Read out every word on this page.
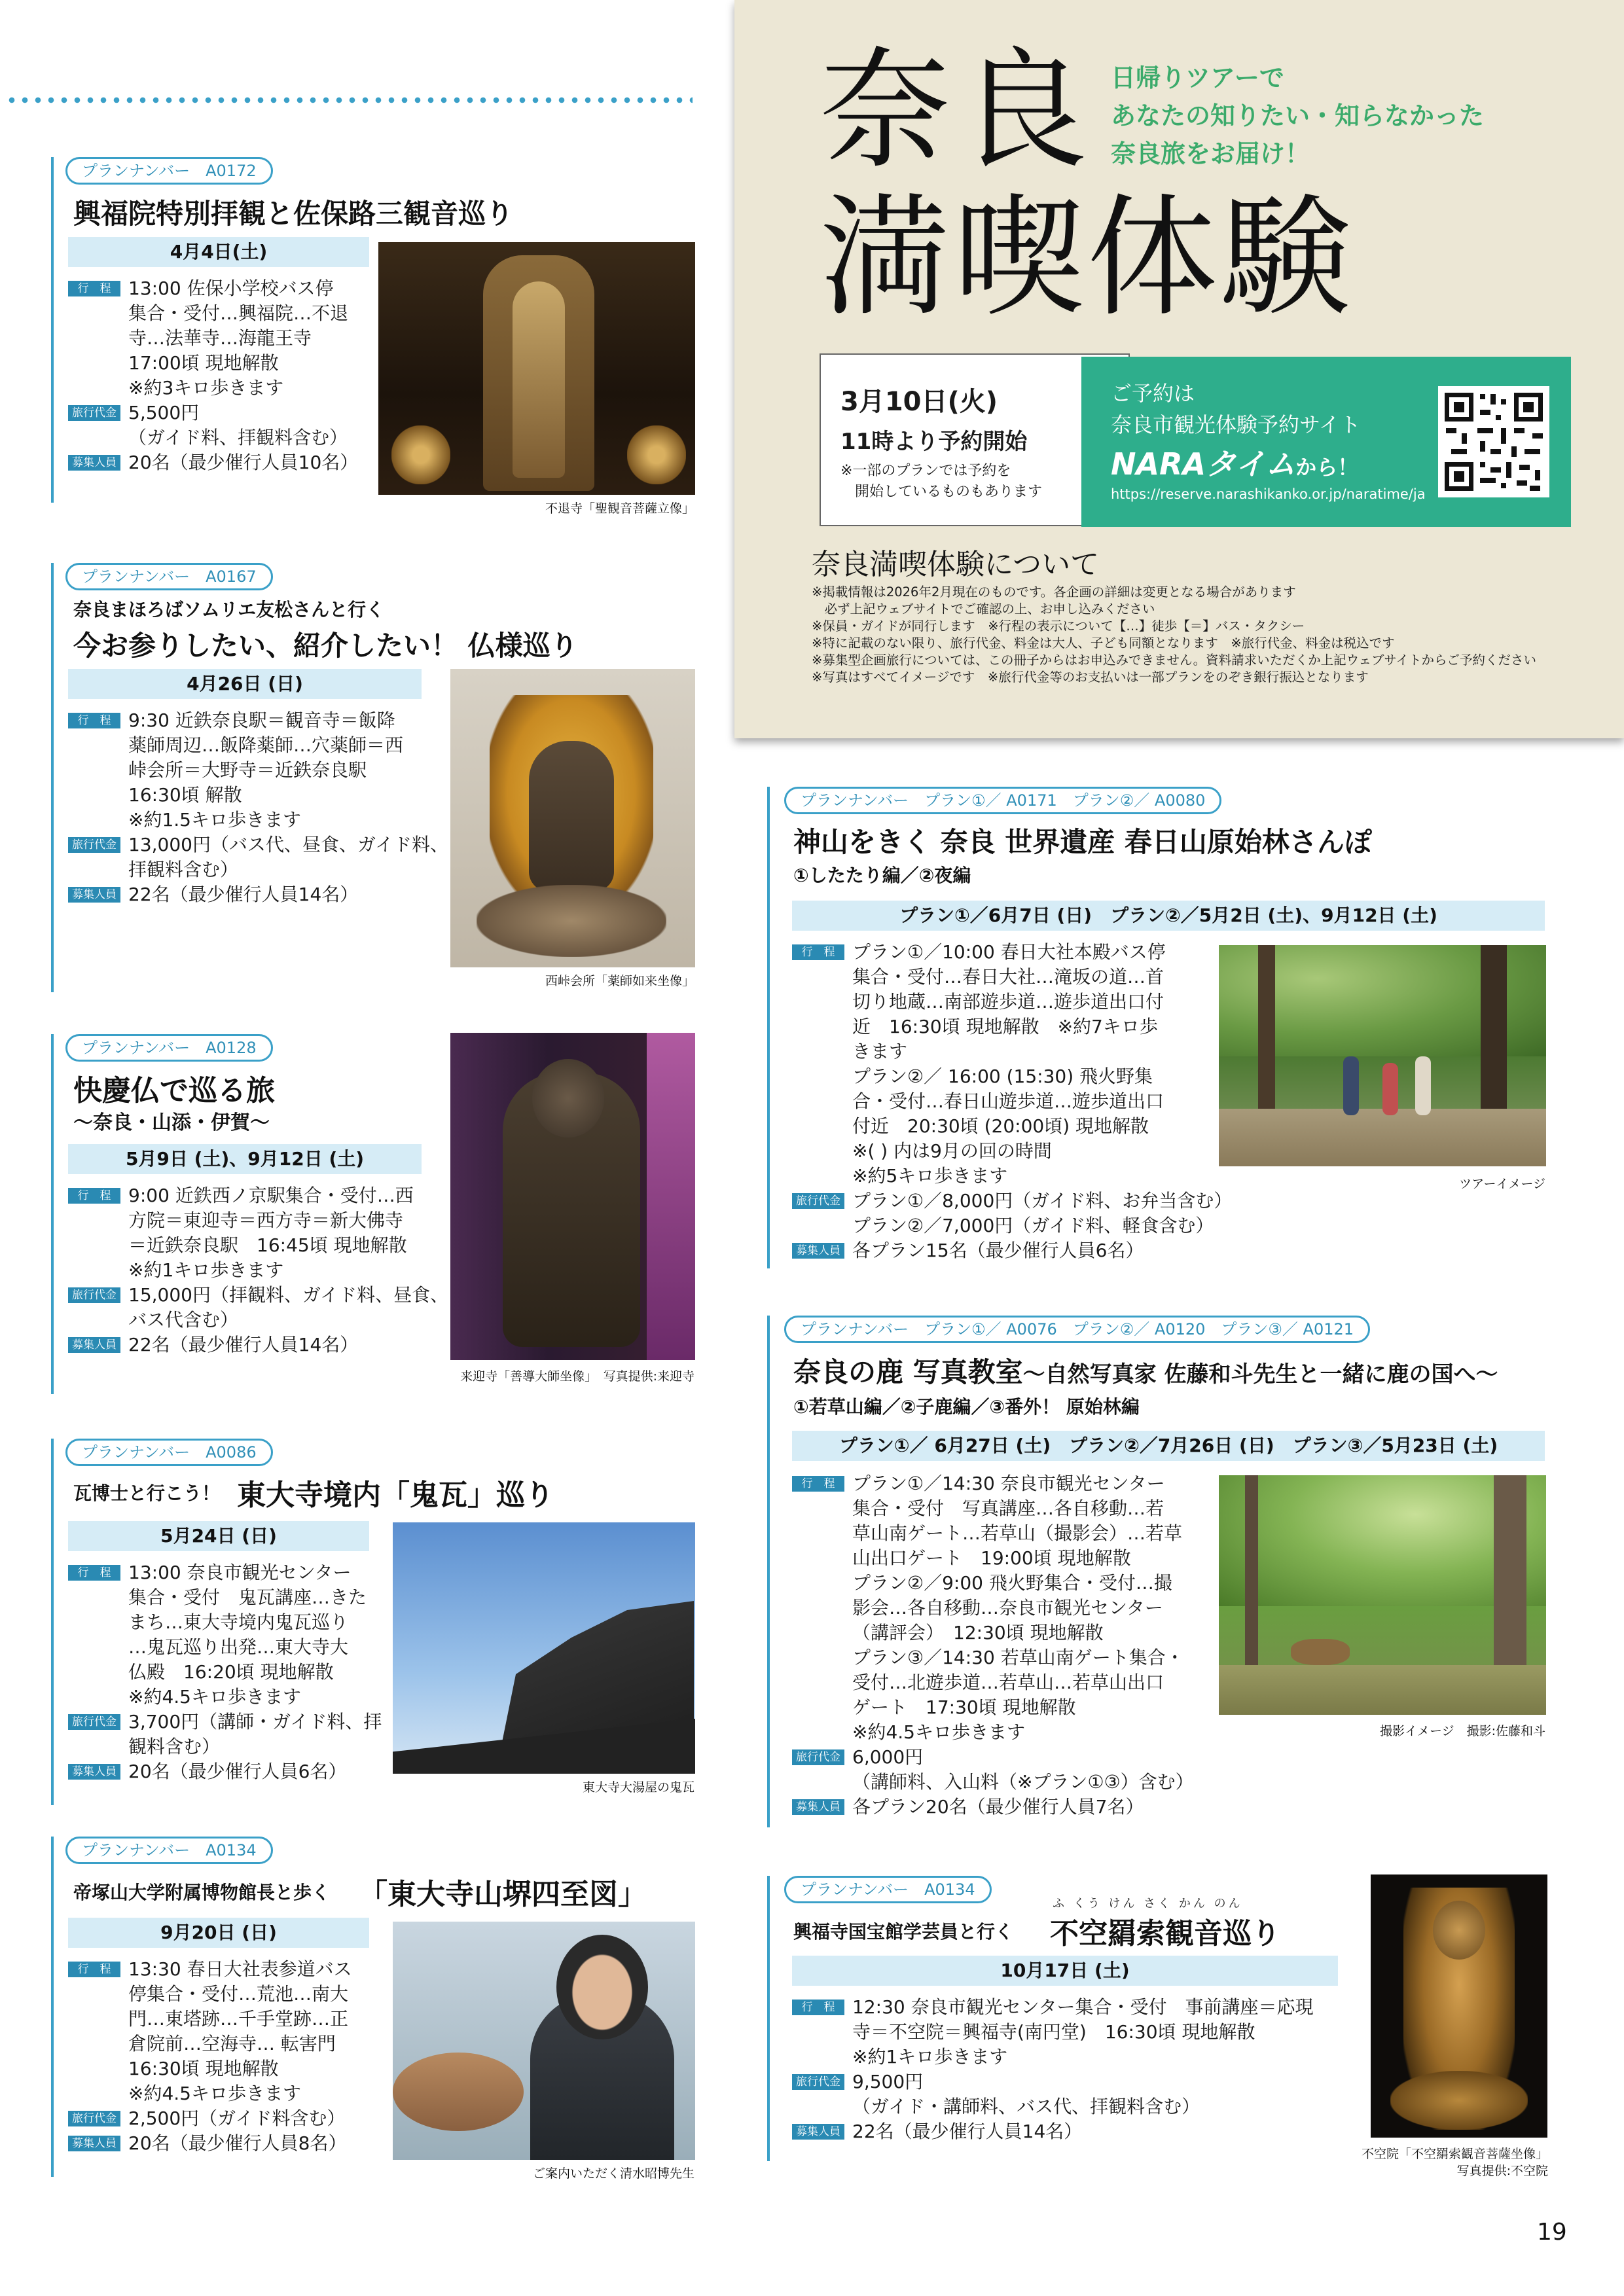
奈良
満喫体験
日帰りツアーで
あなたの知りたい・知らなかった
奈良旅をお届け！
3月10日(火)
11時より予約開始
※一部のプランでは予約を
開始しているものもあります
ご予約は
奈良市観光体験予約サイト
NARAタイムから！
https://reserve.narashikanko.or.jp/naratime/ja
奈良満喫体験について
※掲載情報は2026年2月現在のものです。各企画の詳細は変更となる場合があります
　必ず上記ウェブサイトでご確認の上、お申し込みください
※保員・ガイドが同行します　※行程の表示について【…】徒歩【＝】バス・タクシー
※特に記載のない限り、旅行代金、料金は大人、子ども同額となります　※旅行代金、料金は税込です
※募集型企画旅行については、この冊子からはお申込みできません。資料請求いただくか上記ウェブサイトからご予約ください
※写真はすべてイメージです　※旅行代金等のお支払いは一部プランをのぞき銀行振込となります
プランナンバー　A0172
興福院特別拝観と佐保路三観音巡り
4月4日(土)
行　程 13:00 佐保小学校バス停
集合・受付…興福院…不退
寺…法華寺…海龍王寺
17:00頃 現地解散
※約3キロ歩きます
旅行代金 5,500円
（ガイド料、拝観料含む）
募集人員 20名（最少催行人員10名）
不退寺「聖観音菩薩立像」
プランナンバー　A0167
奈良まほろばソムリエ友松さんと行く
今お参りしたい、紹介したい！ 仏様巡り
4月26日 (日)
行　程 9:30 近鉄奈良駅＝観音寺＝飯降
薬師周辺…飯降薬師…穴薬師＝西
峠会所＝大野寺＝近鉄奈良駅
16:30頃 解散
※約1.5キロ歩きます
旅行代金 13,000円（バス代、昼食、ガイド料、
拝観料含む）
募集人員 22名（最少催行人員14名）
西峠会所「薬師如来坐像」
プランナンバー　A0128
快慶仏で巡る旅
～奈良・山添・伊賀～
5月9日 (土)、9月12日 (土)
行　程 9:00 近鉄西ノ京駅集合・受付…西
方院＝東迎寺＝西方寺＝新大佛寺
＝近鉄奈良駅　16:45頃 現地解散
※約1キロ歩きます
旅行代金 15,000円（拝観料、ガイド料、昼食、
バス代含む）
募集人員 22名（最少催行人員14名）
来迎寺「善導大師坐像」　写真提供:来迎寺
プランナンバー　A0086
瓦博士と行こう！ 東大寺境内「鬼瓦」巡り
5月24日 (日)
行　程 13:00 奈良市観光センター
集合・受付　鬼瓦講座…きた
まち…東大寺境内鬼瓦巡り
…鬼瓦巡り出発…東大寺大
仏殿　16:20頃 現地解散
※約4.5キロ歩きます
旅行代金 3,700円（講師・ガイド料、拝
観料含む）
募集人員 20名（最少催行人員6名）
東大寺大湯屋の鬼瓦
プランナンバー　A0134
帝塚山大学附属博物館長と歩く 「東大寺山堺四至図」
9月20日 (日)
行　程 13:30 春日大社表参道バス
停集合・受付…荒池…南大
門…東塔跡…千手堂跡…正
倉院前…空海寺… 転害門
16:30頃 現地解散
※約4.5キロ歩きます
旅行代金 2,500円（ガイド料含む）
募集人員 20名（最少催行人員8名）
ご案内いただく清水昭博先生
プランナンバー　プラン①／ A0171　プラン②／ A0080
神山をきく 奈良 世界遺産 春日山原始林さんぽ
①したたり編／②夜編
プラン①／6月7日 (日)　プラン②／5月2日 (土)、9月12日 (土)
行　程 プラン①／10:00 春日大社本殿バス停
集合・受付…春日大社…滝坂の道…首
切り地蔵…南部遊歩道…遊歩道出口付
近　16:30頃 現地解散　※約7キロ歩
きます
プラン②／ 16:00 (15:30) 飛火野集
合・受付…春日山遊歩道…遊歩道出口
付近　20:30頃 (20:00頃) 現地解散
※( ) 内は9月の回の時間
※約5キロ歩きます
旅行代金 プラン①／8,000円（ガイド料、お弁当含む）
プラン②／7,000円（ガイド料、軽食含む）
募集人員 各プラン15名（最少催行人員6名）
ツアーイメージ
プランナンバー　プラン①／ A0076　プラン②／ A0120　プラン③／ A0121
奈良の鹿 写真教室～自然写真家 佐藤和斗先生と一緒に鹿の国へ～
①若草山編／②子鹿編／③番外！ 原始林編
プラン①／ 6月27日 (土)　プラン②／7月26日 (日)　プラン③／5月23日 (土)
行　程 プラン①／14:30 奈良市観光センター
集合・受付　写真講座…各自移動…若
草山南ゲート…若草山（撮影会）…若草
山出口ゲート　19:00頃 現地解散
プラン②／9:00 飛火野集合・受付…撮
影会…各自移動…奈良市観光センター
（講評会）　12:30頃 現地解散
プラン③／14:30 若草山南ゲート集合・
受付…北遊歩道…若草山…若草山出口
ゲート　17:30頃 現地解散
※約4.5キロ歩きます
旅行代金 6,000円
（講師料、入山料（※プラン①③）含む）
募集人員 各プラン20名（最少催行人員7名）
撮影イメージ　撮影:佐藤和斗
プランナンバー　A0134
興福寺国宝館学芸員と行く
ふ くう けん さく かん のん
不空羂索観音巡り
10月17日 (土)
行　程 12:30 奈良市観光センター集合・受付　事前講座＝応現
寺＝不空院＝興福寺(南円堂)　16:30頃 現地解散
※約1キロ歩きます
旅行代金 9,500円
（ガイド・講師料、バス代、拝観料含む）
募集人員 22名（最少催行人員14名）
不空院「不空羂索観音菩薩坐像」
写真提供:不空院
19
